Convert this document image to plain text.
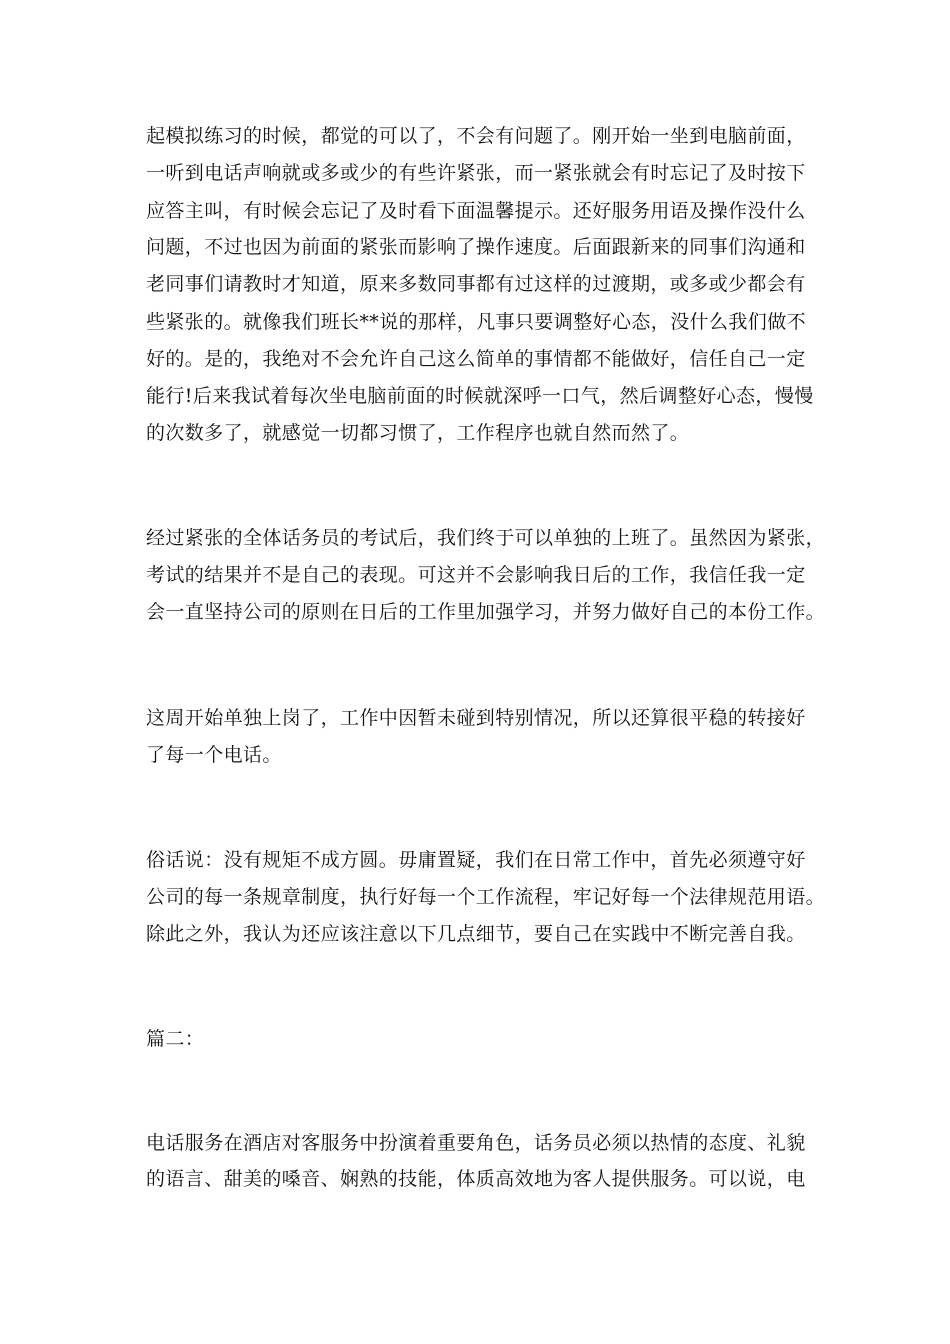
起模拟练习的时候，都觉的可以了，不会有问题了。刚开始一坐到电脑前面，
一听到电话声响就或多或少的有些许紧张，而一紧张就会有时忘记了及时按下
应答主叫，有时候会忘记了及时看下面温馨提示。还好服务用语及操作没什么
问题，不过也因为前面的紧张而影响了操作速度。后面跟新来的同事们沟通和
老同事们请教时才知道，原来多数同事都有过这样的过渡期，或多或少都会有
些紧张的。就像我们班长**说的那样，凡事只要调整好心态，没什么我们做不
好的。是的，我绝对不会允许自己这么简单的事情都不能做好，信任自己一定
能行!后来我试着每次坐电脑前面的时候就深呼一口气，然后调整好心态，慢慢
的次数多了，就感觉一切都习惯了，工作程序也就自然而然了。
经过紧张的全体话务员的考试后，我们终于可以单独的上班了。虽然因为紧张，
考试的结果并不是自己的表现。可这并不会影响我日后的工作，我信任我一定
会一直坚持公司的原则在日后的工作里加强学习，并努力做好自己的本份工作。
这周开始单独上岗了，工作中因暂未碰到特别情况，所以还算很平稳的转接好
了每一个电话。
俗话说：没有规矩不成方圆。毋庸置疑，我们在日常工作中，首先必须遵守好
公司的每一条规章制度，执行好每一个工作流程，牢记好每一个法律规范用语。
除此之外，我认为还应该注意以下几点细节，要自己在实践中不断完善自我。
篇二：
电话服务在酒店对客服务中扮演着重要角色，话务员必须以热情的态度、礼貌
的语言、甜美的嗓音、娴熟的技能，体质高效地为客人提供服务。可以说，电
